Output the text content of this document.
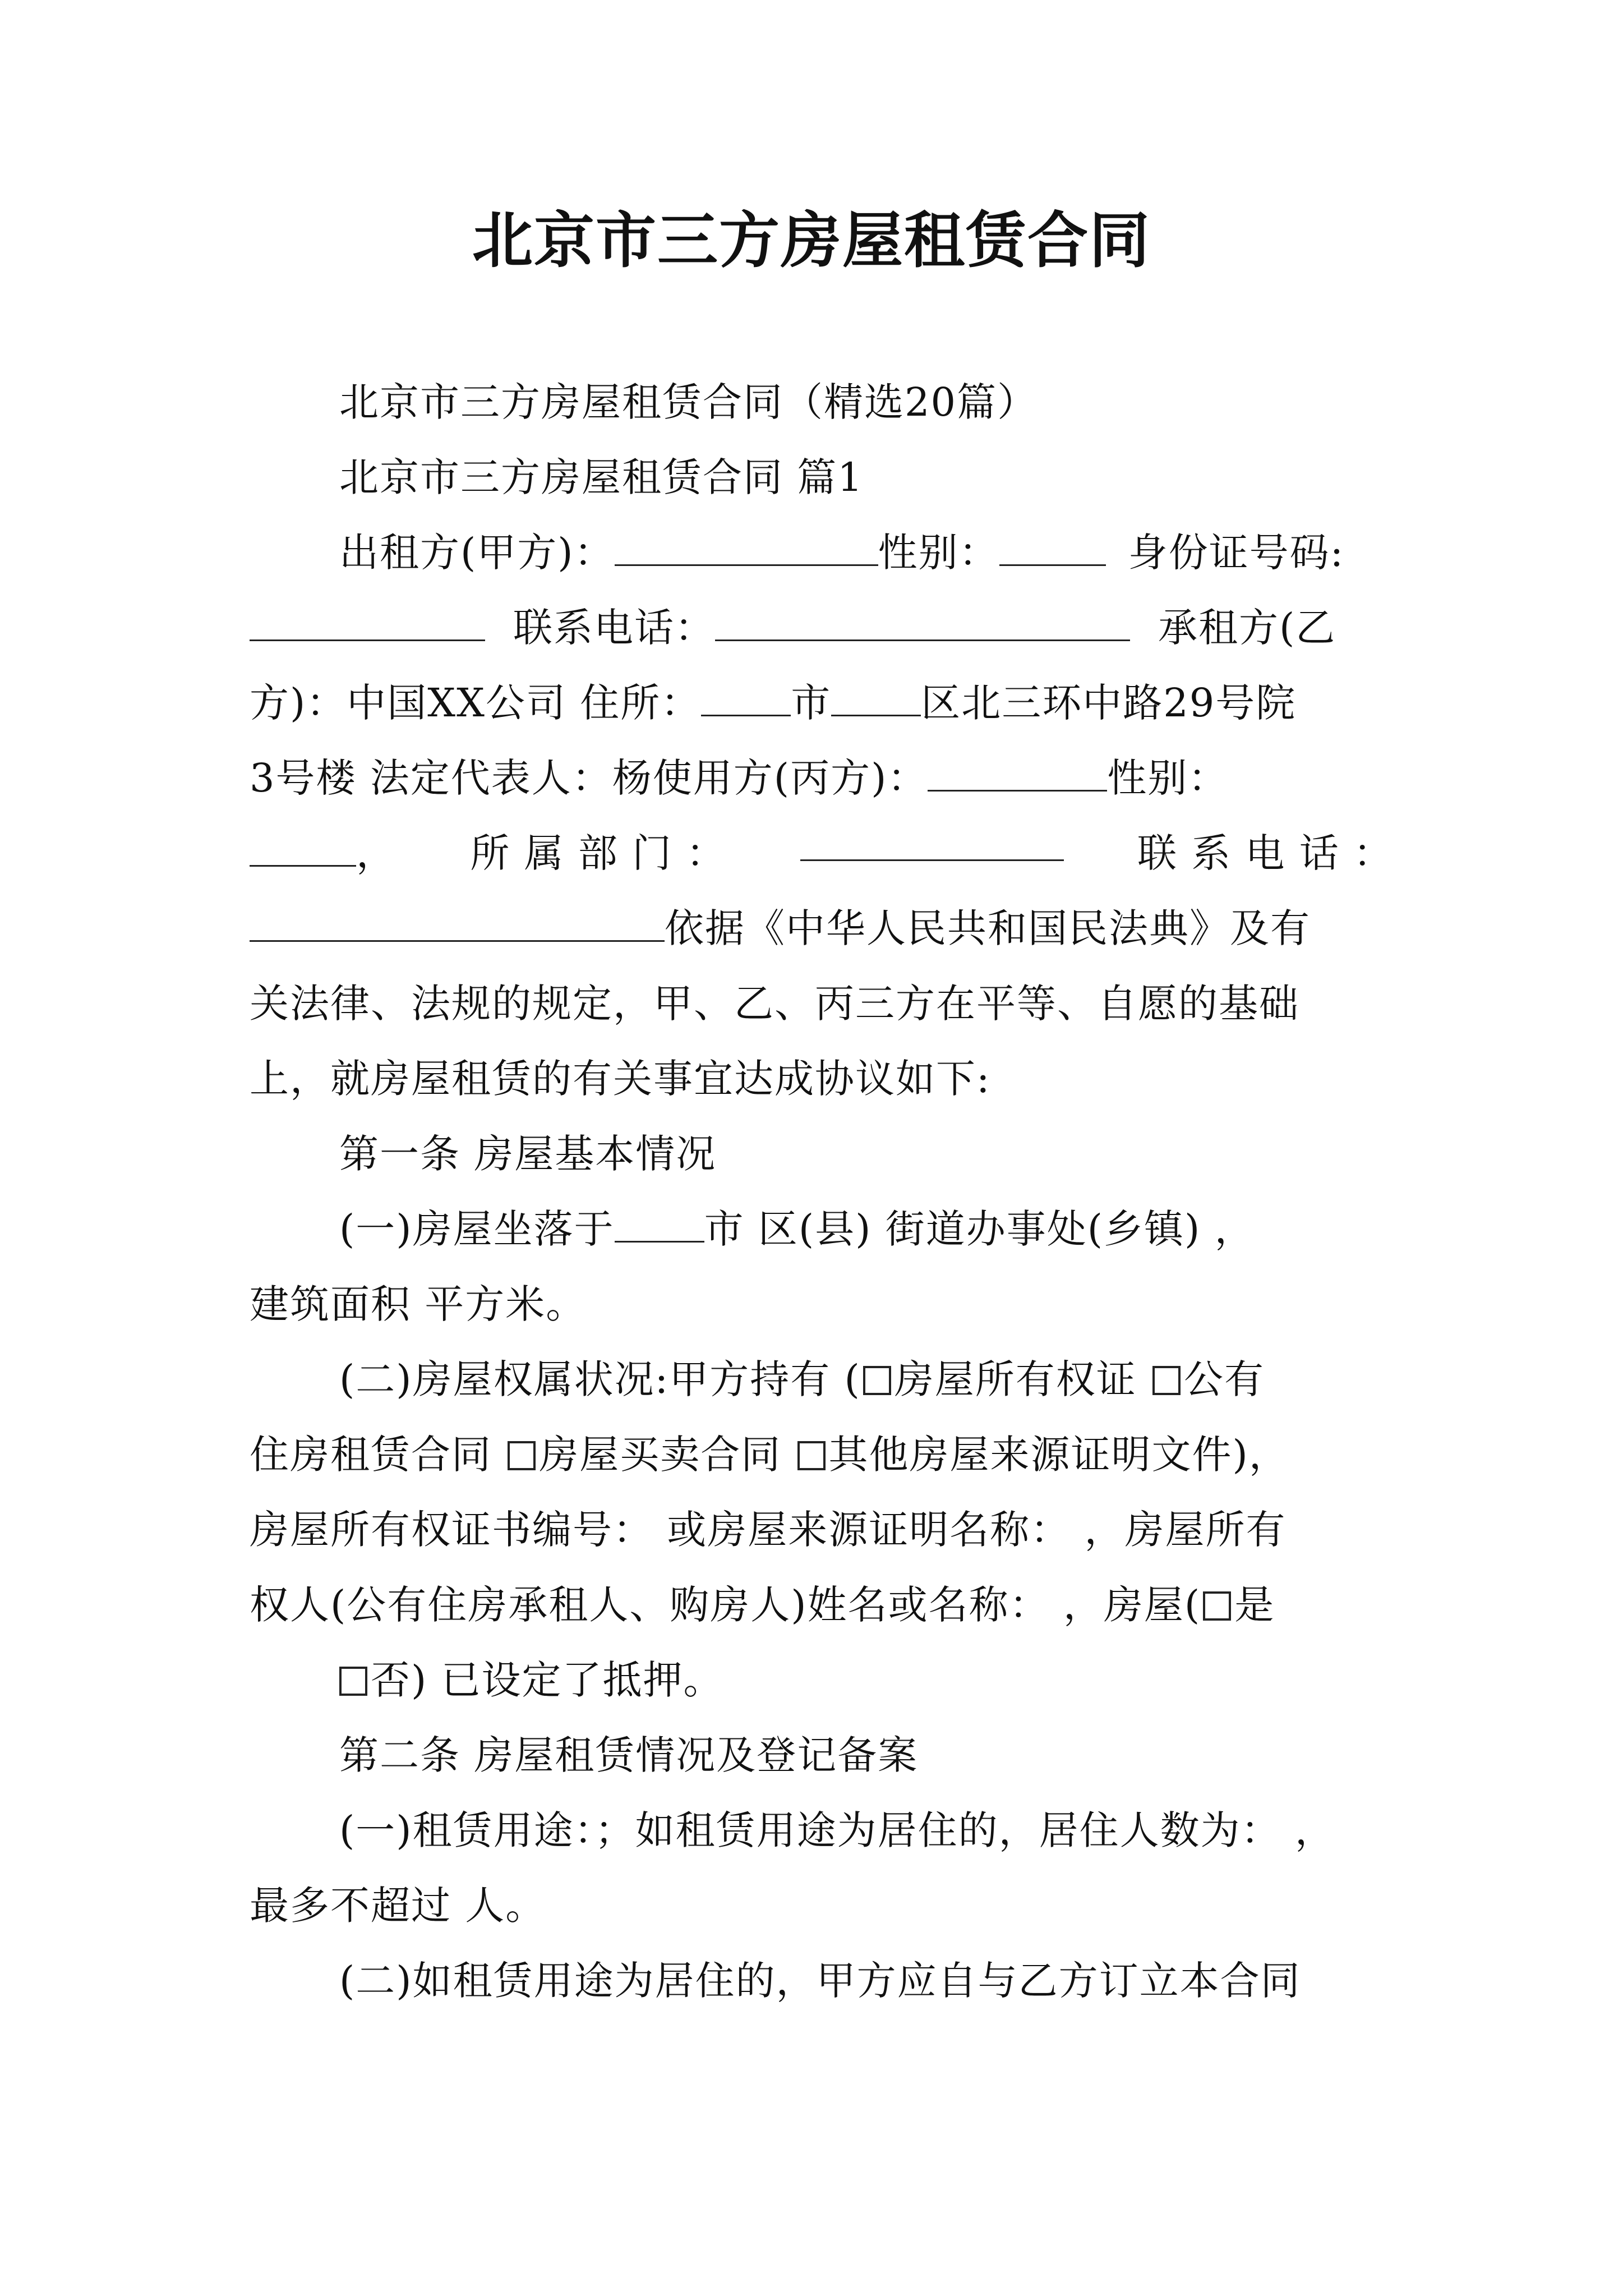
北京市三方房屋租赁合同
北京市三方房屋租赁合同（精选20篇）
北京市三方房屋租赁合同 篇1
出租方(甲方)：	性别：	身份证号码:
联系电话：	承租方(乙
方)：中国XX公司 住所： 市 区北三环中路29号院
3号楼 法定代表人：杨使用方(丙方)：	性别：
， 所 属 部 门 ：	联 系 电 话 ：
依据《中华人民共和国民法典》及有
关法律、法规的规定，甲、乙、丙三方在平等、自愿的基础
上，就房屋租赁的有关事宜达成协议如下:
第一条 房屋基本情况
(一)房屋坐落于 市 区(县) 街道办事处(乡镇) ，
建筑面积 平方米。
(二)房屋权属状况:甲方持有 ( 房屋所有权证 公有
住房租赁合同 房屋买卖合同 其他房屋来源证明文件)，
房屋所有权证书编号： 或房屋来源证明名称： ，房屋所有
权人(公有住房承租人、购房人)姓名或名称： ，房屋( 是
否) 已设定了抵押。
第二条 房屋租赁情况及登记备案
(一)租赁用途：；如租赁用途为居住的，居住人数为： ，
最多不超过 人。
(二)如租赁用途为居住的，甲方应自与乙方订立本合同
